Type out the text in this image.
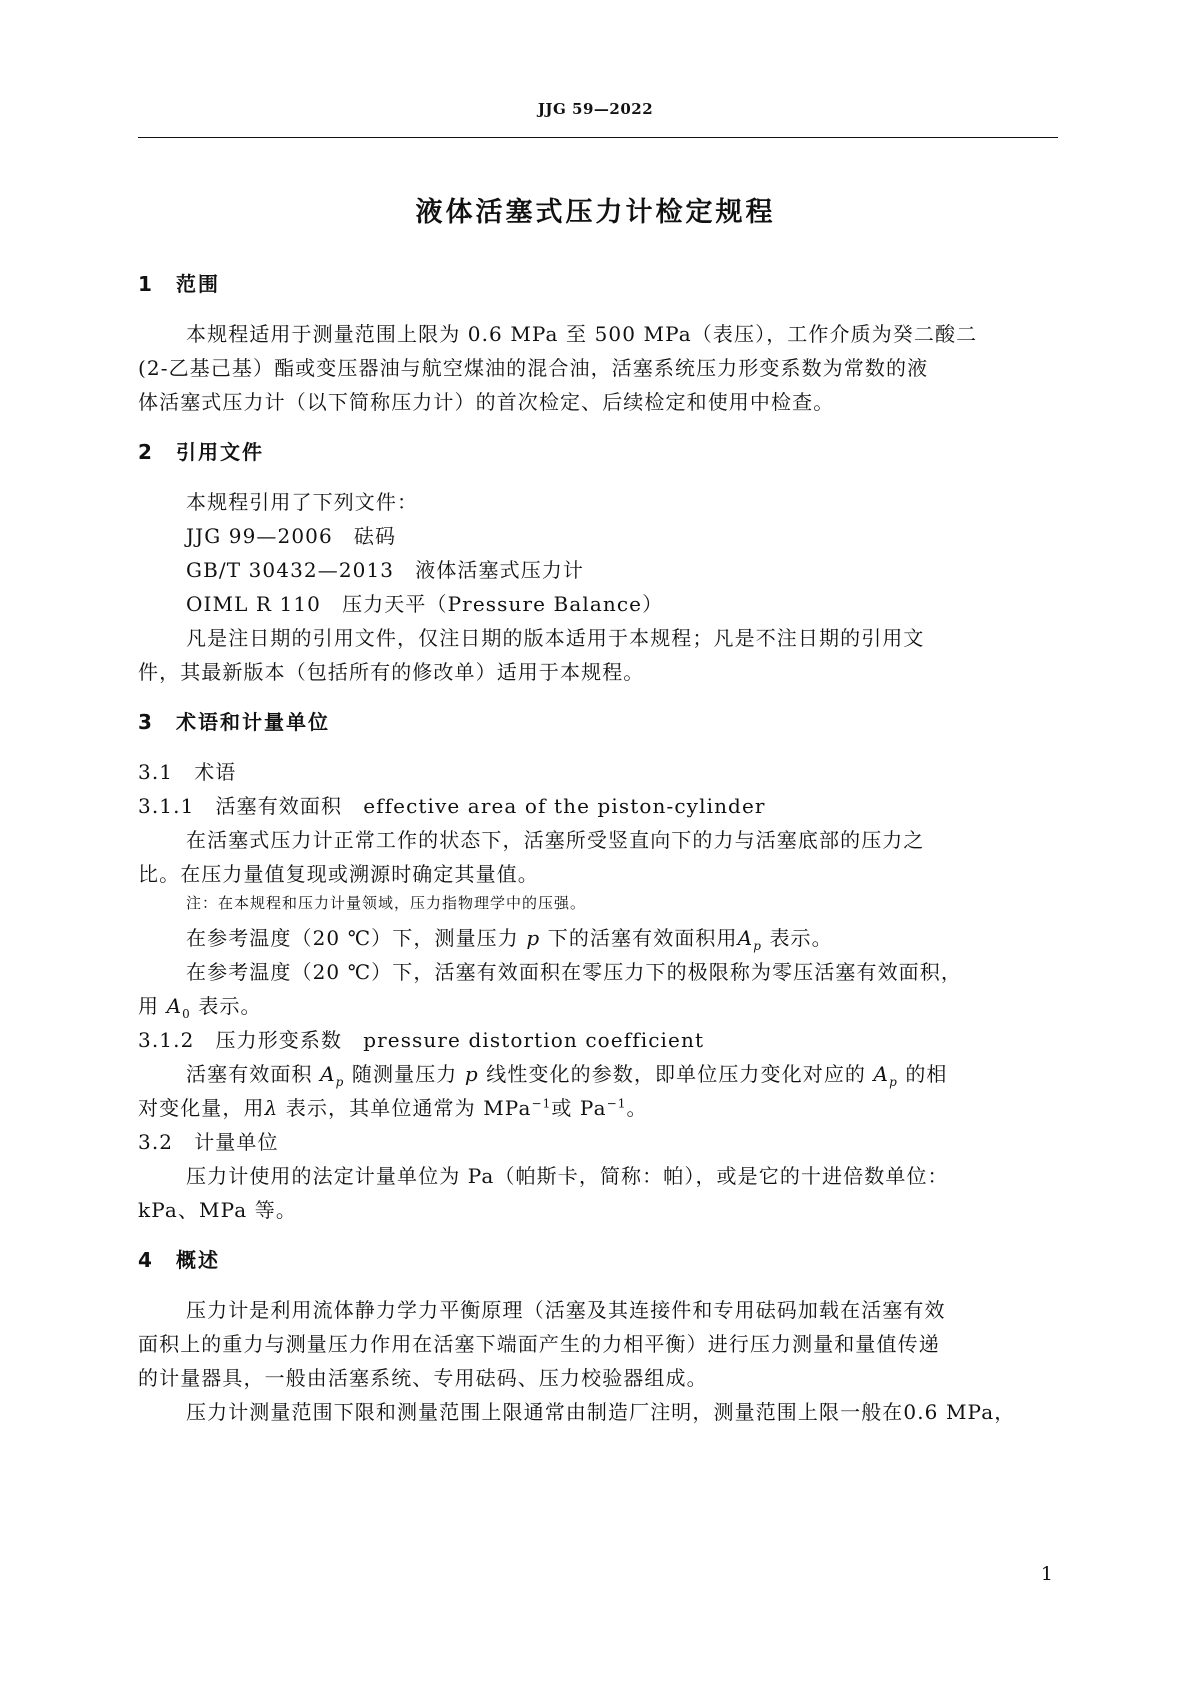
JJG 59—2022
液体活塞式压力计检定规程
1 范围
本规程适用于测量范围上限为 0.6 MPa 至 500 MPa（表压），工作介质为癸二酸二
(2-乙基己基）酯或变压器油与航空煤油的混合油，活塞系统压力形变系数为常数的液
体活塞式压力计（以下简称压力计）的首次检定、后续检定和使用中检查。
2 引用文件
本规程引用了下列文件：
JJG 99—2006　砝码
GB/T 30432—2013　液体活塞式压力计
OIML R 110　压力天平（Pressure Balance）
凡是注日期的引用文件，仅注日期的版本适用于本规程；凡是不注日期的引用文
件，其最新版本（包括所有的修改单）适用于本规程。
3 术语和计量单位
3.1　术语
3.1.1　活塞有效面积　effective area of the piston-cylinder
在活塞式压力计正常工作的状态下，活塞所受竖直向下的力与活塞底部的压力之
比。在压力量值复现或溯源时确定其量值。
注：在本规程和压力计量领域，压力指物理学中的压强。
在参考温度（20 ℃）下，测量压力 p 下的活塞有效面积用$A_p$ 表示。
在参考温度（20 ℃）下，活塞有效面积在零压力下的极限称为零压活塞有效面积，
用 $A_0$ 表示。
3.1.2　压力形变系数　pressure distortion coefficient
活塞有效面积 $A_p$ 随测量压力 p 线性变化的参数，即单位压力变化对应的 $A_p$ 的相
对变化量，用λ 表示，其单位通常为 MPa$^{-1}$或 $Pa^{-1}$。
3.2　计量单位
压力计使用的法定计量单位为 Pa（帕斯卡，简称：帕），或是它的十进倍数单位：
kPa、MPa 等。
4 概述
压力计是利用流体静力学力平衡原理（活塞及其连接件和专用砝码加载在活塞有效
面积上的重力与测量压力作用在活塞下端面产生的力相平衡）进行压力测量和量值传递
的计量器具，一般由活塞系统、专用砝码、压力校验器组成。
压力计测量范围下限和测量范围上限通常由制造厂注明，测量范围上限一般在0.6 MPa，
1
